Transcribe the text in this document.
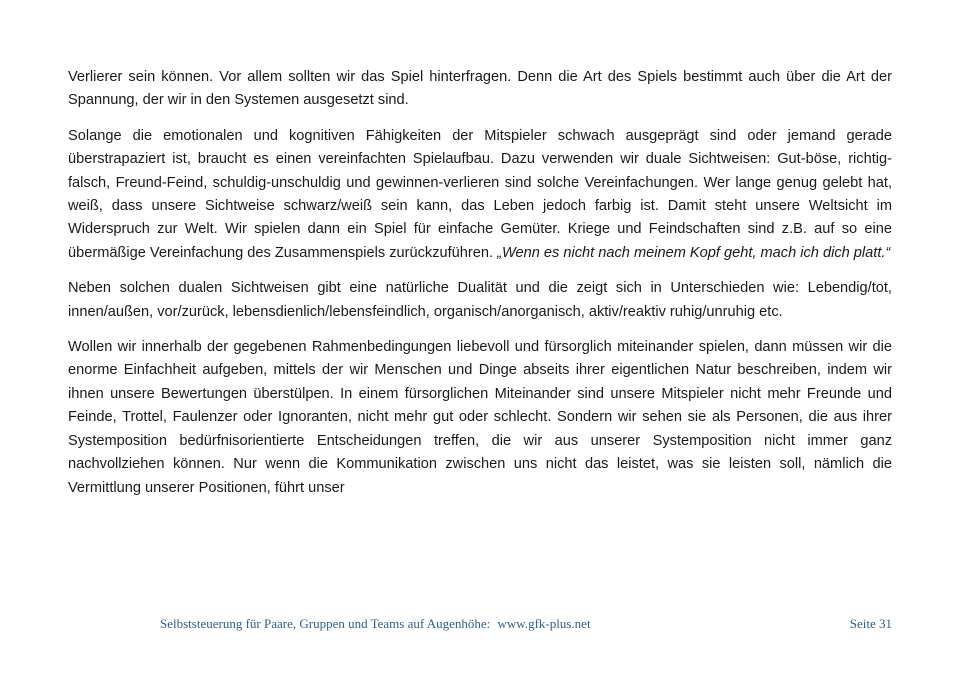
Verlierer sein können. Vor allem sollten wir das Spiel hinterfragen. Denn die Art des Spiels bestimmt auch über die Art der Spannung, der wir in den Systemen ausgesetzt sind.

Solange die emotionalen und kognitiven Fähigkeiten der Mitspieler schwach ausgeprägt sind oder jemand gerade überstrapaziert ist, braucht es einen vereinfachten Spielaufbau. Dazu verwenden wir duale Sichtweisen: Gut-böse, richtig-falsch, Freund-Feind, schuldig-unschuldig und gewinnen-verlieren sind solche Vereinfachungen. Wer lange genug gelebt hat, weiß, dass unsere Sichtweise schwarz/weiß sein kann, das Leben jedoch farbig ist. Damit steht unsere Weltsicht im Widerspruch zur Welt. Wir spielen dann ein Spiel für einfache Gemüter. Kriege und Feindschaften sind z.B. auf so eine übermäßige Vereinfachung des Zusammenspiels zurückzuführen. „Wenn es nicht nach meinem Kopf geht, mach ich dich platt.“

Neben solchen dualen Sichtweisen gibt eine natürliche Dualität und die zeigt sich in Unterschieden wie: Lebendig/tot, innen/außen, vor/zurück, lebensdienlich/lebensfeindlich, organisch/anorganisch, aktiv/reaktiv ruhig/unruhig etc.

Wollen wir innerhalb der gegebenen Rahmenbedingungen liebevoll und fürsorglich miteinander spielen, dann müssen wir die enorme Einfachheit aufgeben, mittels der wir Menschen und Dinge abseits ihrer eigentlichen Natur beschreiben, indem wir ihnen unsere Bewertungen überstülpen. In einem fürsorglichen Miteinander sind unsere Mitspieler nicht mehr Freunde und Feinde, Trottel, Faulenzer oder Ignoranten, nicht mehr gut oder schlecht. Sondern wir sehen sie als Personen, die aus ihrer Systemposition bedürfnisorientierte Entscheidungen treffen, die wir aus unserer Systemposition nicht immer ganz nachvollziehen können. Nur wenn die Kommunikation zwischen uns nicht das leistet, was sie leisten soll, nämlich die Vermittlung unserer Positionen, führt unser

Selbststeuerung für Paare, Gruppen und Teams auf Augenhöhe: www.gfk-plus.net	Seite 31
